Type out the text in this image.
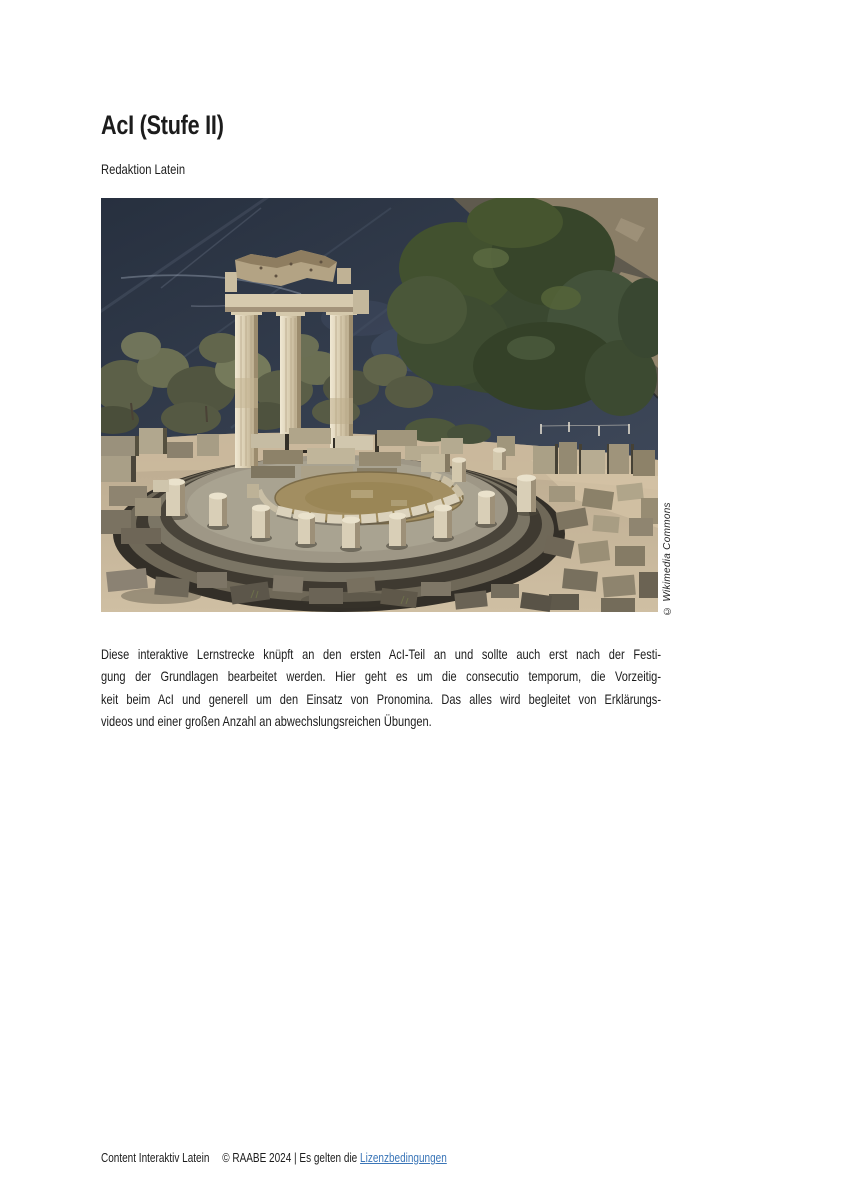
AcI (Stufe II)
Redaktion Latein
© Wikimedia Commons
Diese interaktive Lernstrecke knüpft an den ersten AcI-Teil an und sollte auch erst nach der Festi-
gung der Grundlagen bearbeitet werden. Hier geht es um die consecutio temporum, die Vorzeitig-
keit beim AcI und generell um den Einsatz von Pronomina. Das alles wird begleitet von Erklärungs-
videos und einer großen Anzahl an abwechslungsreichen Übungen.
Content Interaktiv Latein © RAABE 2024 | Es gelten die Lizenzbedingungen
